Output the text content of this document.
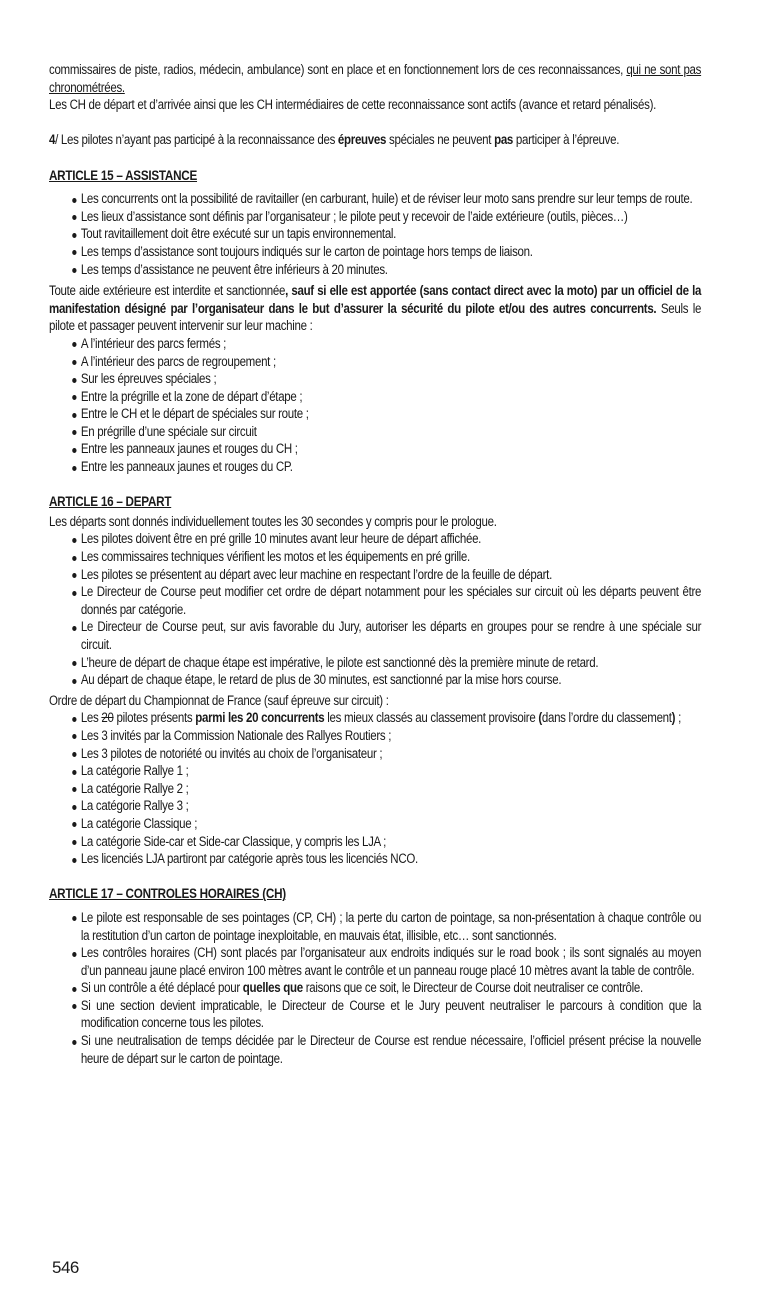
commissaires de piste, radios, médecin, ambulance) sont en place et en fonctionnement lors de ces reconnaissances, qui ne sont pas chronométrées.

Les CH de départ et d’arrivée ainsi que les CH intermédiaires de cette reconnaissance sont actifs (avance et retard pénalisés).

4/ Les pilotes n’ayant pas participé à la reconnaissance des épreuves spéciales ne peuvent pas participer à l’épreuve.

ARTICLE 15 – ASSISTANCE
Les concurrents ont la possibilité de ravitailler (en carburant, huile) et de réviser leur moto sans prendre sur leur temps de route.
Les lieux d’assistance sont définis par l’organisateur ; le pilote peut y recevoir de l’aide extérieure (outils, pièces…)
Tout ravitaillement doit être exécuté sur un tapis environnemental.
Les temps d’assistance sont toujours indiqués sur le carton de pointage hors temps de liaison.
Les temps d’assistance ne peuvent être inférieurs à 20 minutes.

Toute aide extérieure est interdite et sanctionnée, sauf si elle est apportée (sans contact direct avec la moto) par un officiel de la manifestation désigné par l’organisateur dans le but d’assurer la sécurité du pilote et/ou des autres concurrents. Seuls le pilote et passager peuvent intervenir sur leur machine :

A l’intérieur des parcs fermés ;
A l’intérieur des parcs de regroupement ;
Sur les épreuves spéciales ;
Entre la prégrille et la zone de départ d’étape ;
Entre le CH et le départ de spéciales sur route ;
En prégrille d’une spéciale sur circuit
Entre les panneaux jaunes et rouges du CH ;
Entre les panneaux jaunes et rouges du CP.
ARTICLE 16 – DEPART

Les départs sont donnés individuellement toutes les 30 secondes y compris pour le prologue.

Les pilotes doivent être en pré grille 10 minutes avant leur heure de départ affichée.
Les commissaires techniques vérifient les motos et les équipements en pré grille.
Les pilotes se présentent au départ avec leur machine en respectant l’ordre de la feuille de départ.
Le Directeur de Course peut modifier cet ordre de départ notamment pour les spéciales sur circuit où les départs peuvent être donnés par catégorie.
Le Directeur de Course peut, sur avis favorable du Jury, autoriser les départs en groupes pour se rendre à une spéciale sur circuit.
L’heure de départ de chaque étape est impérative, le pilote est sanctionné dès la première minute de retard.
Au départ de chaque étape, le retard de plus de 30 minutes, est sanctionné par la mise hors course.

Ordre de départ du Championnat de France (sauf épreuve sur circuit) :

Les 20 pilotes présents parmi les 20 concurrents les mieux classés au classement provisoire (dans l’ordre du classement) ;
Les 3 invités par la Commission Nationale des Rallyes Routiers ;
Les 3 pilotes de notoriété ou invités au choix de l’organisateur ;
La catégorie Rallye 1 ;
La catégorie Rallye 2 ;
La catégorie Rallye 3 ;
La catégorie Classique ;
La catégorie Side-car et Side-car Classique, y compris les LJA ;
Les licenciés LJA partiront par catégorie après tous les licenciés NCO.
ARTICLE 17 – CONTROLES HORAIRES (CH)
Le pilote est responsable de ses pointages (CP, CH) ; la perte du carton de pointage, sa non-présentation à chaque contrôle ou la restitution d’un carton de pointage inexploitable, en mauvais état, illisible, etc… sont sanctionnés.
Les contrôles horaires (CH) sont placés par l’organisateur aux endroits indiqués sur le road book ; ils sont signalés au moyen d’un panneau jaune placé environ 100 mètres avant le contrôle et un panneau rouge placé 10 mètres avant la table de contrôle.
Si un contrôle a été déplacé pour quelles que raisons que ce soit, le Directeur de Course doit neutraliser ce contrôle.
Si une section devient impraticable, le Directeur de Course et le Jury peuvent neutraliser le parcours à condition que la modification concerne tous les pilotes.
Si une neutralisation de temps décidée par le Directeur de Course est rendue nécessaire, l’officiel présent précise la nouvelle heure de départ sur le carton de pointage.
546
